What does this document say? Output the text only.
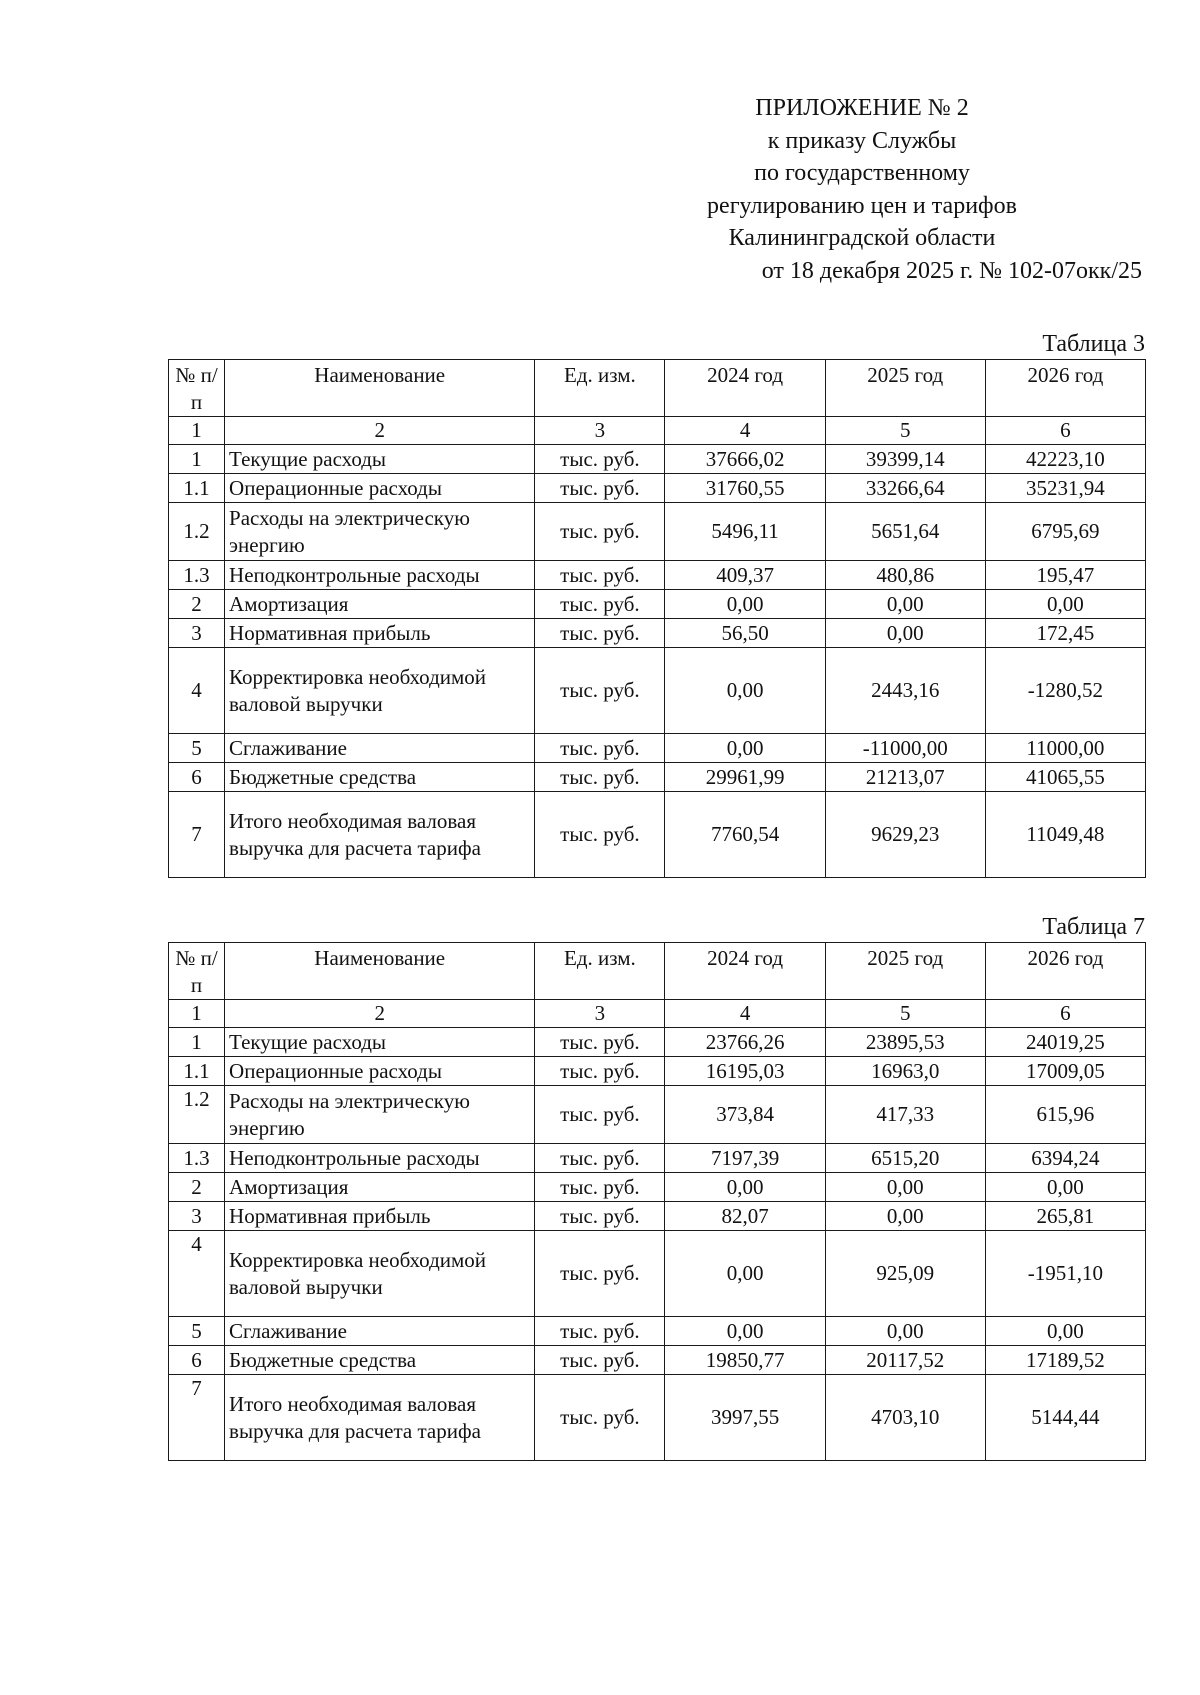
ПРИЛОЖЕНИЕ № 2
к приказу Службы
по государственному
регулированию цен и тарифов
Калининградской области
от 18 декабря 2025 г. № 102-07окк/25
Таблица 3
№ п/п	Наименование	Ед. изм.	2024 год	2025 год	2026 год
1	2	3	4	5	6
1	Текущие расходы	тыс. руб.	37666,02	39399,14	42223,10
1.1	Операционные расходы	тыс. руб.	31760,55	33266,64	35231,94
1.2	Расходы на электрическую энергию	тыс. руб.	5496,11	5651,64	6795,69
1.3	Неподконтрольные расходы	тыс. руб.	409,37	480,86	195,47
2	Амортизация	тыс. руб.	0,00	0,00	0,00
3	Нормативная прибыль	тыс. руб.	56,50	0,00	172,45
4	Корректировка необходимой валовой выручки	тыс. руб.	0,00	2443,16	-1280,52
5	Сглаживание	тыс. руб.	0,00	-11000,00	11000,00
6	Бюджетные средства	тыс. руб.	29961,99	21213,07	41065,55
7	Итого необходимая валовая выручка для расчета тарифа	тыс. руб.	7760,54	9629,23	11049,48
Таблица 7
№ п/п	Наименование	Ед. изм.	2024 год	2025 год	2026 год
1	2	3	4	5	6
1	Текущие расходы	тыс. руб.	23766,26	23895,53	24019,25
1.1	Операционные расходы	тыс. руб.	16195,03	16963,0	17009,05
1.2	Расходы на электрическую энергию	тыс. руб.	373,84	417,33	615,96
1.3	Неподконтрольные расходы	тыс. руб.	7197,39	6515,20	6394,24
2	Амортизация	тыс. руб.	0,00	0,00	0,00
3	Нормативная прибыль	тыс. руб.	82,07	0,00	265,81
4	Корректировка необходимой валовой выручки	тыс. руб.	0,00	925,09	-1951,10
5	Сглаживание	тыс. руб.	0,00	0,00	0,00
6	Бюджетные средства	тыс. руб.	19850,77	20117,52	17189,52
7	Итого необходимая валовая выручка для расчета тарифа	тыс. руб.	3997,55	4703,10	5144,44
